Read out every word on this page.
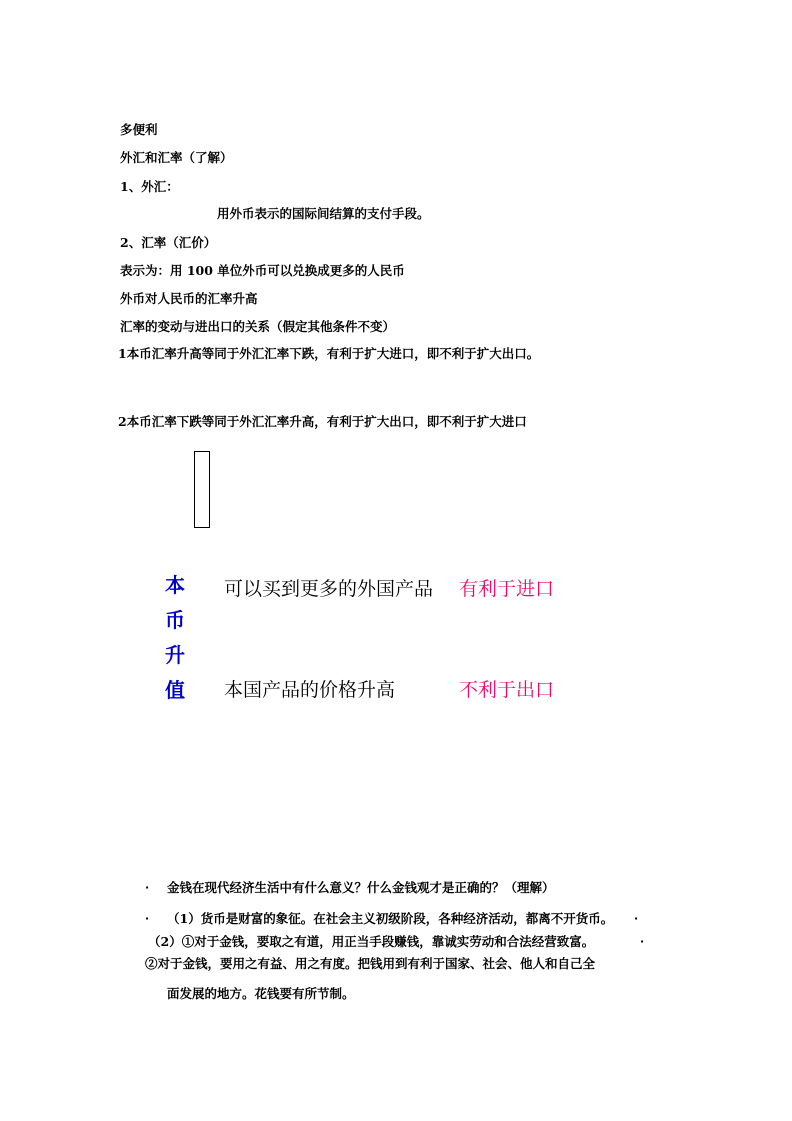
多便利
外汇和汇率（了解）
1、外汇：
用外币表示的国际间结算的支付手段。
2、汇率（汇价）
表示为：用 100 单位外币可以兑换成更多的人民币
外币对人民币的汇率升高
汇率的变动与进出口的关系（假定其他条件不变）
1本币汇率升高等同于外汇汇率下跌，有利于扩大进口，即不利于扩大出口。
2本币汇率下跌等同于外汇汇率升高，有利于扩大出口，即不利于扩大进口
本
币
升
值
可以买到更多的外国产品 有利于进口
本国产品的价格升高	不利于出口
· 金钱在现代经济生活中有什么意义？什么金钱观才是正确的？（理解）
· （1）货币是财富的象征。在社会主义初级阶段，各种经济活动，都离不开货币。 ·
（2）①对于金钱，要取之有道，用正当手段赚钱，靠诚实劳动和合法经营致富。	·
②对于金钱，要用之有益、用之有度。把钱用到有利于国家、社会、他人和自己全
面发展的地方。花钱要有所节制。
